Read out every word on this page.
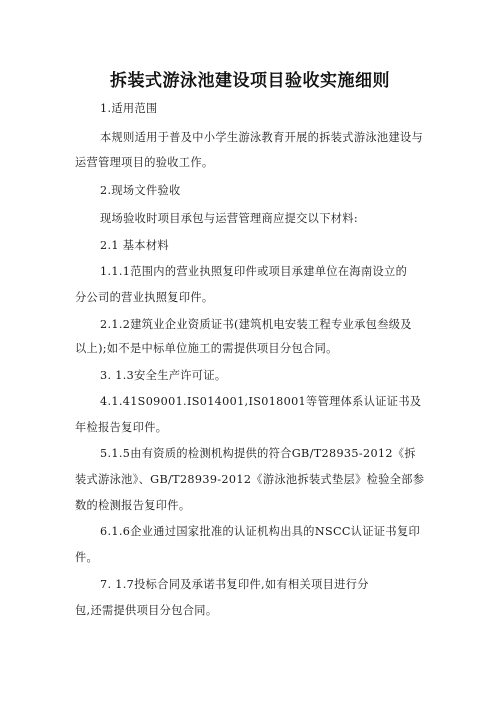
拆装式游泳池建设项目验收实施细则
1.适用范围
本规则适用于普及中小学生游泳教育开展的拆装式游泳池建设与
运营管理项目的验收工作。
2.现场文件验收
现场验收时项目承包与运营管理商应提交以下材料:
2.1 基本材料
1.1.1范围内的营业执照复印件或项目承建单位在海南设立的
分公司的营业执照复印件。
2.1.2建筑业企业资质证书(建筑机电安装工程专业承包叁级及
以上);如不是中标单位施工的需提供项目分包合同。
3. 1.3安全生产许可证。
4.1.41S09001.IS014001,IS018001等管理体系认证证书及
年检报告复印件。
5.1.5由有资质的检测机构提供的符合GB/T28935-2012《拆
装式游泳池》、GB/T28939-2012《游泳池拆装式垫层》检验全部参
数的检测报告复印件。
6.1.6企业通过国家批准的认证机构出具的NSCC认证证书复印
件。
7. 1.7投标合同及承诺书复印件,如有相关项目进行分
包,还需提供项目分包合同。
